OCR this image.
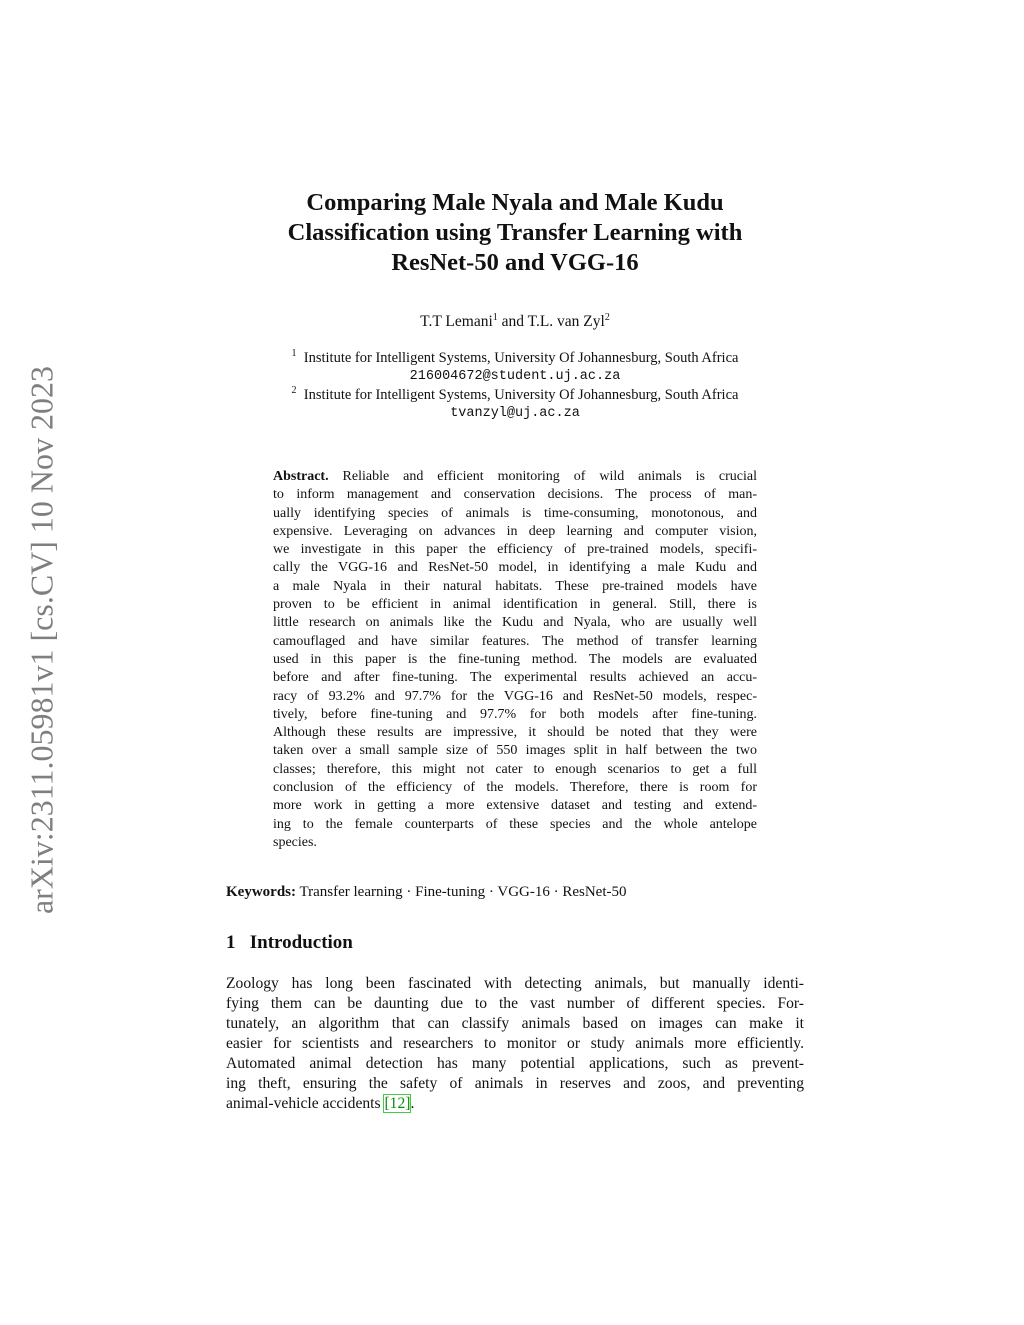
arXiv:2311.05981v1 [cs.CV] 10 Nov 2023
Comparing Male Nyala and Male Kudu
Classification using Transfer Learning with
ResNet-50 and VGG-16
T.T Lemani$^1$ and T.L. van Zyl$^2$
$^1$ Institute for Intelligent Systems, University Of Johannesburg, South Africa
216004672@student.uj.ac.za
$^2$ Institute for Intelligent Systems, University Of Johannesburg, South Africa
tvanzyl@uj.ac.za
Abstract. Reliable and efficient monitoring of wild animals is crucial
to inform management and conservation decisions. The process of man-
ually identifying species of animals is time-consuming, monotonous, and
expensive. Leveraging on advances in deep learning and computer vision,
we investigate in this paper the efficiency of pre-trained models, specifi-
cally the VGG-16 and ResNet-50 model, in identifying a male Kudu and
a male Nyala in their natural habitats. These pre-trained models have
proven to be efficient in animal identification in general. Still, there is
little research on animals like the Kudu and Nyala, who are usually well
camouflaged and have similar features. The method of transfer learning
used in this paper is the fine-tuning method. The models are evaluated
before and after fine-tuning. The experimental results achieved an accu-
racy of 93.2% and 97.7% for the VGG-16 and ResNet-50 models, respec-
tively, before fine-tuning and 97.7% for both models after fine-tuning.
Although these results are impressive, it should be noted that they were
taken over a small sample size of 550 images split in half between the two
classes; therefore, this might not cater to enough scenarios to get a full
conclusion of the efficiency of the models. Therefore, there is room for
more work in getting a more extensive dataset and testing and extend-
ing to the female counterparts of these species and the whole antelope
species.
Keywords: Transfer learning · Fine-tuning · VGG-16 · ResNet-50
1 Introduction
Zoology has long been fascinated with detecting animals, but manually identi-
fying them can be daunting due to the vast number of different species. For-
tunately, an algorithm that can classify animals based on images can make it
easier for scientists and researchers to monitor or study animals more efficiently.
Automated animal detection has many potential applications, such as prevent-
ing theft, ensuring the safety of animals in reserves and zoos, and preventing
animal-vehicle accidents [12].
